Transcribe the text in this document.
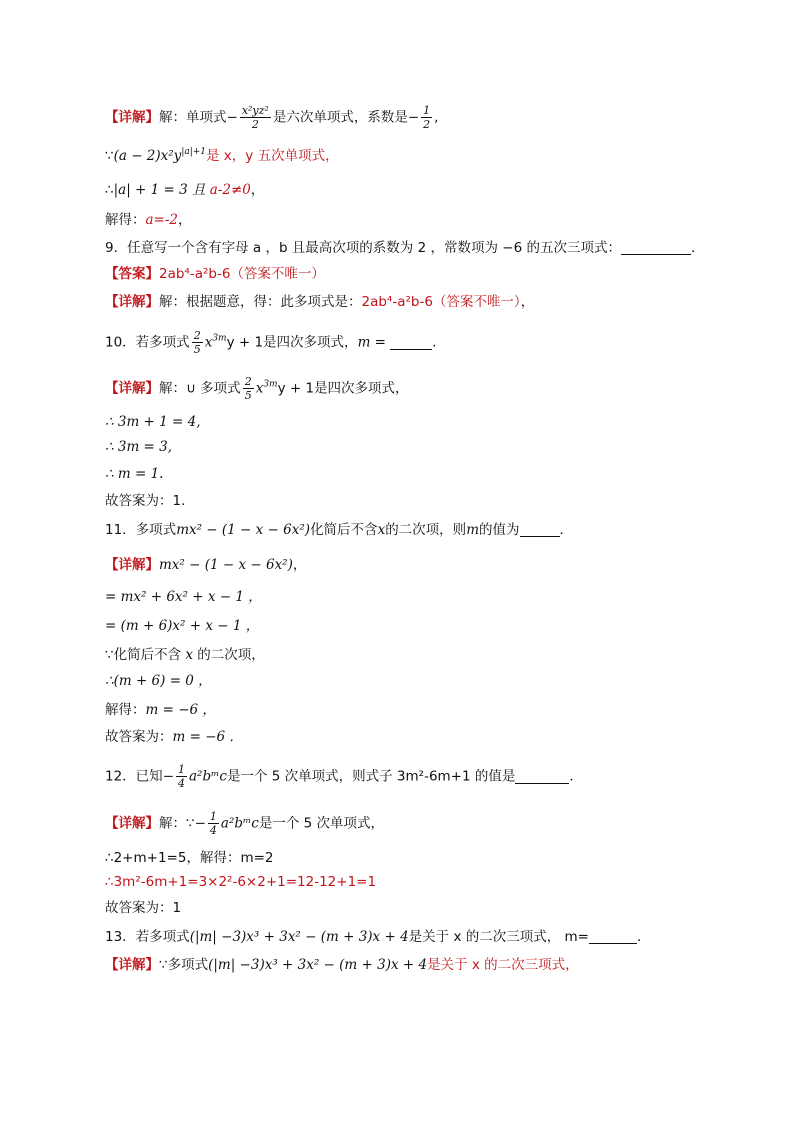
【详解】解：单项式− $\frac{\text{x²yz²}}{2}$ 是六次单项式，系数是− $\frac{1}{2}$ ,
∵(a − $2)x^2y^{|a|+1}$是 x，y 五次单项式，
∴|a| + 1 = 3 且 a-2≠0，
解得：a=-2，
9．任意写一个含有字母 a ，b 且最高次项的系数为 2 ，常数项为 −6 的五次三项式：	．
【答案】2ab⁴-a²b-6（答案不唯一）
【详解】解：根据题意，得：此多项式是：2ab⁴-a²b-6（答案不唯一），
10．若多项式 $\frac{2}{5} x^{3m}y + 1$是四次多项式，m =	．
【详解】解：∪ 多项式 $\frac{2}{5} x^{3m}y + 1$是四次多项式，
∴ 3m + 1 = 4,
∴ 3m = 3,
∴ m = 1.
故答案为：1.
11．多项式mx² − (1 − x − 6x²)化简后不含x的二次项，则m的值为	．
【详解】mx² − (1 − x − 6x²)，
= mx² + 6x² + x − 1 ，
= (m + 6)x² + x − 1 ，
∵化简后不含 x 的二次项，
∴(m + 6) = 0 ，
解得：m = −6 ，
故答案为：m = −6 ．
12．已知− $\frac{1}{4}$ a²bᵐc是一个 5 次单项式，则式子 3m²-6m+1 的值是	．
【详解】解：∵− $\frac{1}{4}$ a²bᵐc是一个 5 次单项式，
∴2+m+1=5，解得：m=2
∴3m²-6m+1=3×2²-6×2+1=12-12+1=1
故答案为：1
13．若多项式(|m| −3)x³ + 3x² − (m + 3)x + 4是关于 x 的二次三项式， m=	．
【详解】∵多项式(|m| −3)x³ + 3x² − (m + 3)x + 4是关于 x 的二次三项式，
